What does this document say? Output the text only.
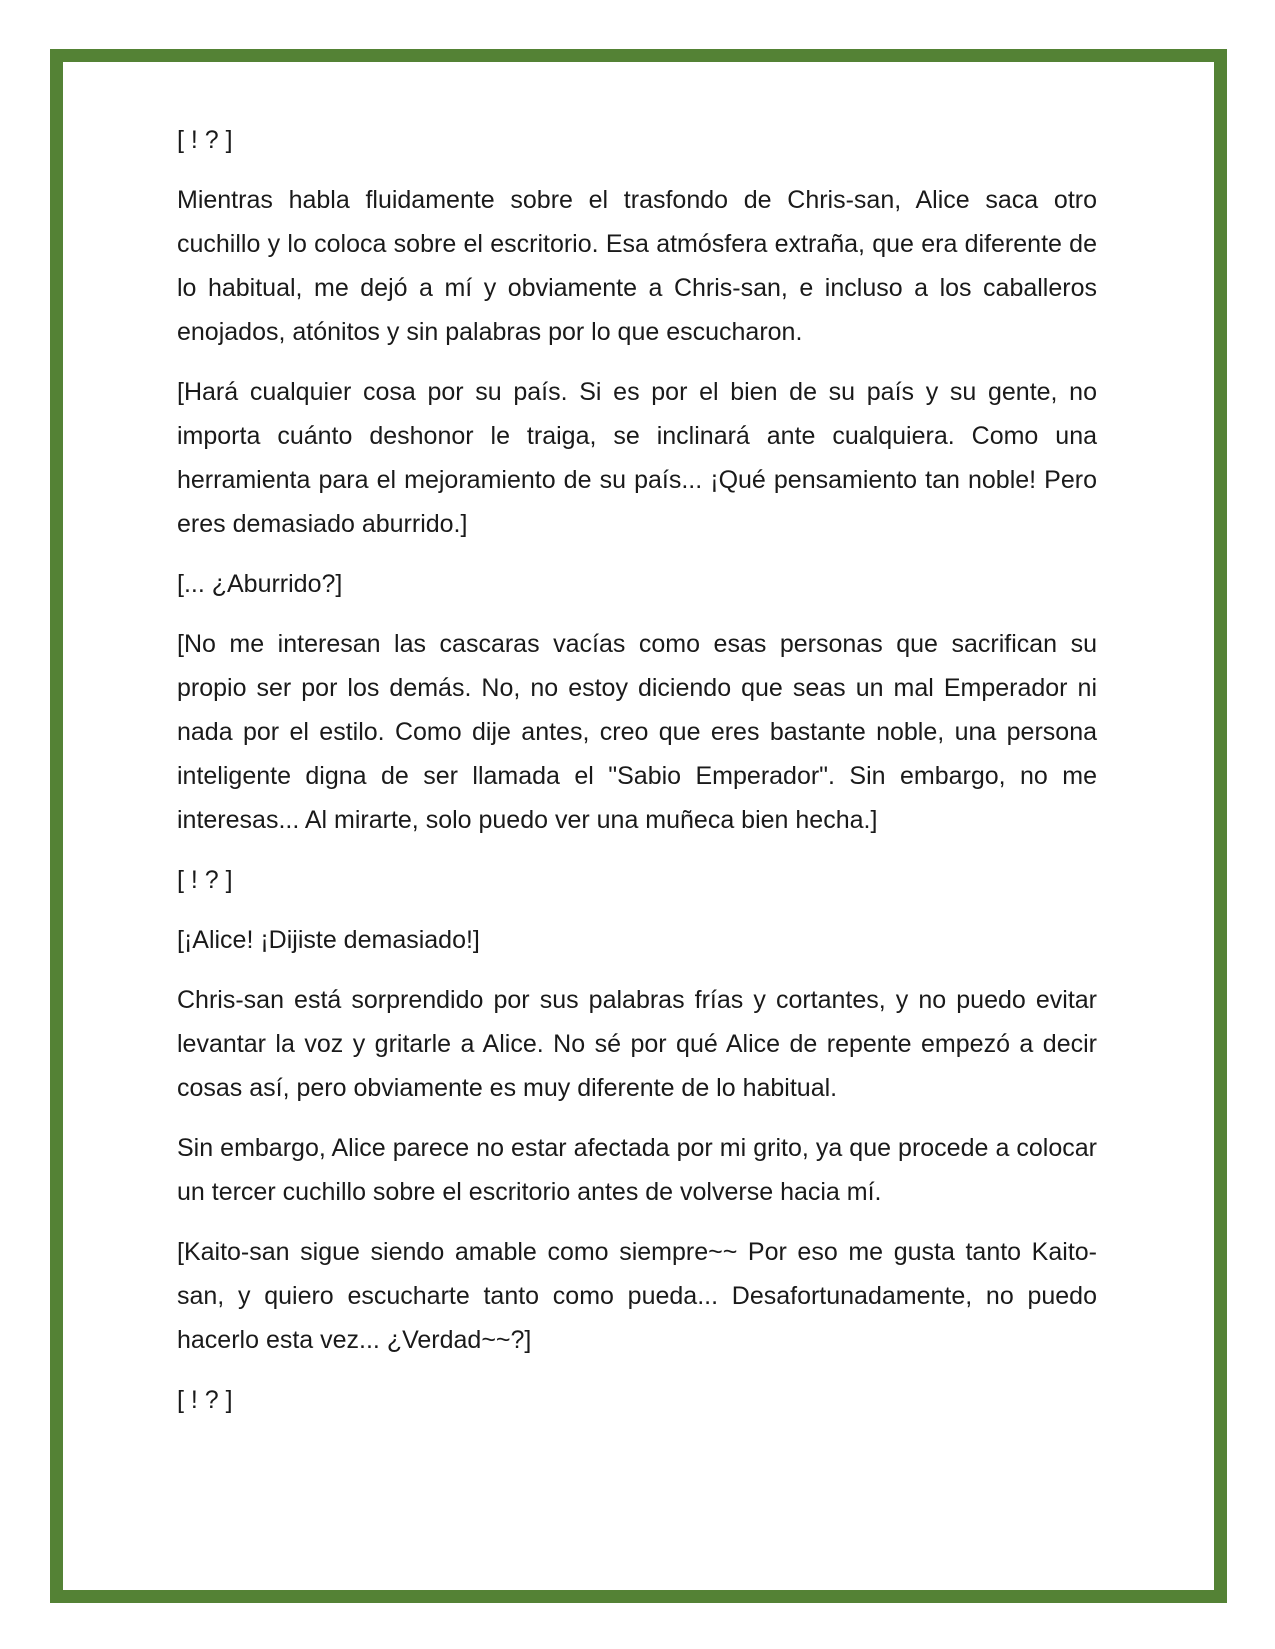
[ ! ? ]

Mientras habla fluidamente sobre el trasfondo de Chris-san, Alice saca otro cuchillo y lo coloca sobre el escritorio. Esa atmósfera extraña, que era diferente de lo habitual, me dejó a mí y obviamente a Chris-san, e incluso a los caballeros enojados, atónitos y sin palabras por lo que escucharon.

[Hará cualquier cosa por su país. Si es por el bien de su país y su gente, no importa cuánto deshonor le traiga, se inclinará ante cualquiera. Como una herramienta para el mejoramiento de su país... ¡Qué pensamiento tan noble! Pero eres demasiado aburrido.]

[... ¿Aburrido?]

[No me interesan las cascaras vacías como esas personas que sacrifican su propio ser por los demás. No, no estoy diciendo que seas un mal Emperador ni nada por el estilo. Como dije antes, creo que eres bastante noble, una persona inteligente digna de ser llamada el "Sabio Emperador". Sin embargo, no me interesas... Al mirarte, solo puedo ver una muñeca bien hecha.]

[ ! ? ]

[¡Alice! ¡Dijiste demasiado!]

Chris-san está sorprendido por sus palabras frías y cortantes, y no puedo evitar levantar la voz y gritarle a Alice. No sé por qué Alice de repente empezó a decir cosas así, pero obviamente es muy diferente de lo habitual.

Sin embargo, Alice parece no estar afectada por mi grito, ya que procede a colocar un tercer cuchillo sobre el escritorio antes de volverse hacia mí.

[Kaito-san sigue siendo amable como siempre~~ Por eso me gusta tanto Kaito-san, y quiero escucharte tanto como pueda... Desafortunadamente, no puedo hacerlo esta vez... ¿Verdad~~?]

[ ! ? ]
